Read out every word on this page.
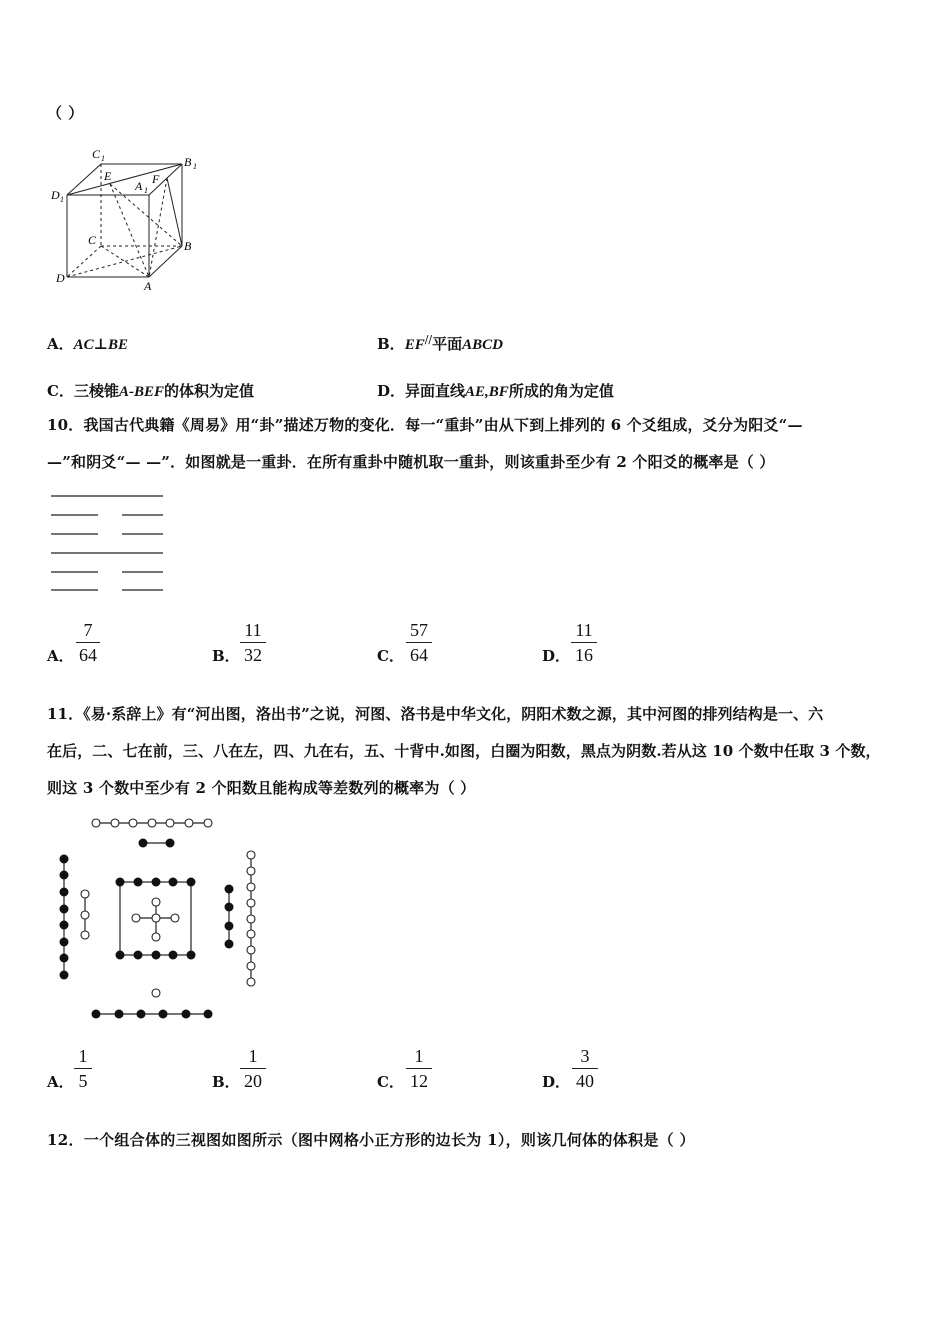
（ ）
C 1	B 1
D 1
E
A 1
F
C	B
D
A
A．AC⊥BE	B．EF//平面ABCD
C．三棱锥A-BEF的体积为定值	D．异面直线AE,BF所成的角为定值
10．我国古代典籍《周易》用“卦”描述万物的变化．每一“重卦”由从下到上排列的 6 个爻组成，爻分为阳爻“—
—”和阴爻“— —”．如图就是一重卦．在所有重卦中随机取一重卦，则该重卦至少有 2 个阳爻的概率是（ ）
A．
7
64	B．
11
32	C．
57
64	D．
11
16
11．《易·系辞上》有“河出图，洛出书”之说，河图、洛书是中华文化，阴阳术数之源，其中河图的排列结构是一、六
在后，二、七在前，三、八在左，四、九在右，五、十背中.如图，白圈为阳数，黑点为阴数.若从这 10 个数中任取 3 个数，
则这 3 个数中至少有 2 个阳数且能构成等差数列的概率为（ ）
A．
1
5	B．
1
20	C．
1
12	D．
3
40
12．一个组合体的三视图如图所示（图中网格小正方形的边长为 1），则该几何体的体积是（ ）
